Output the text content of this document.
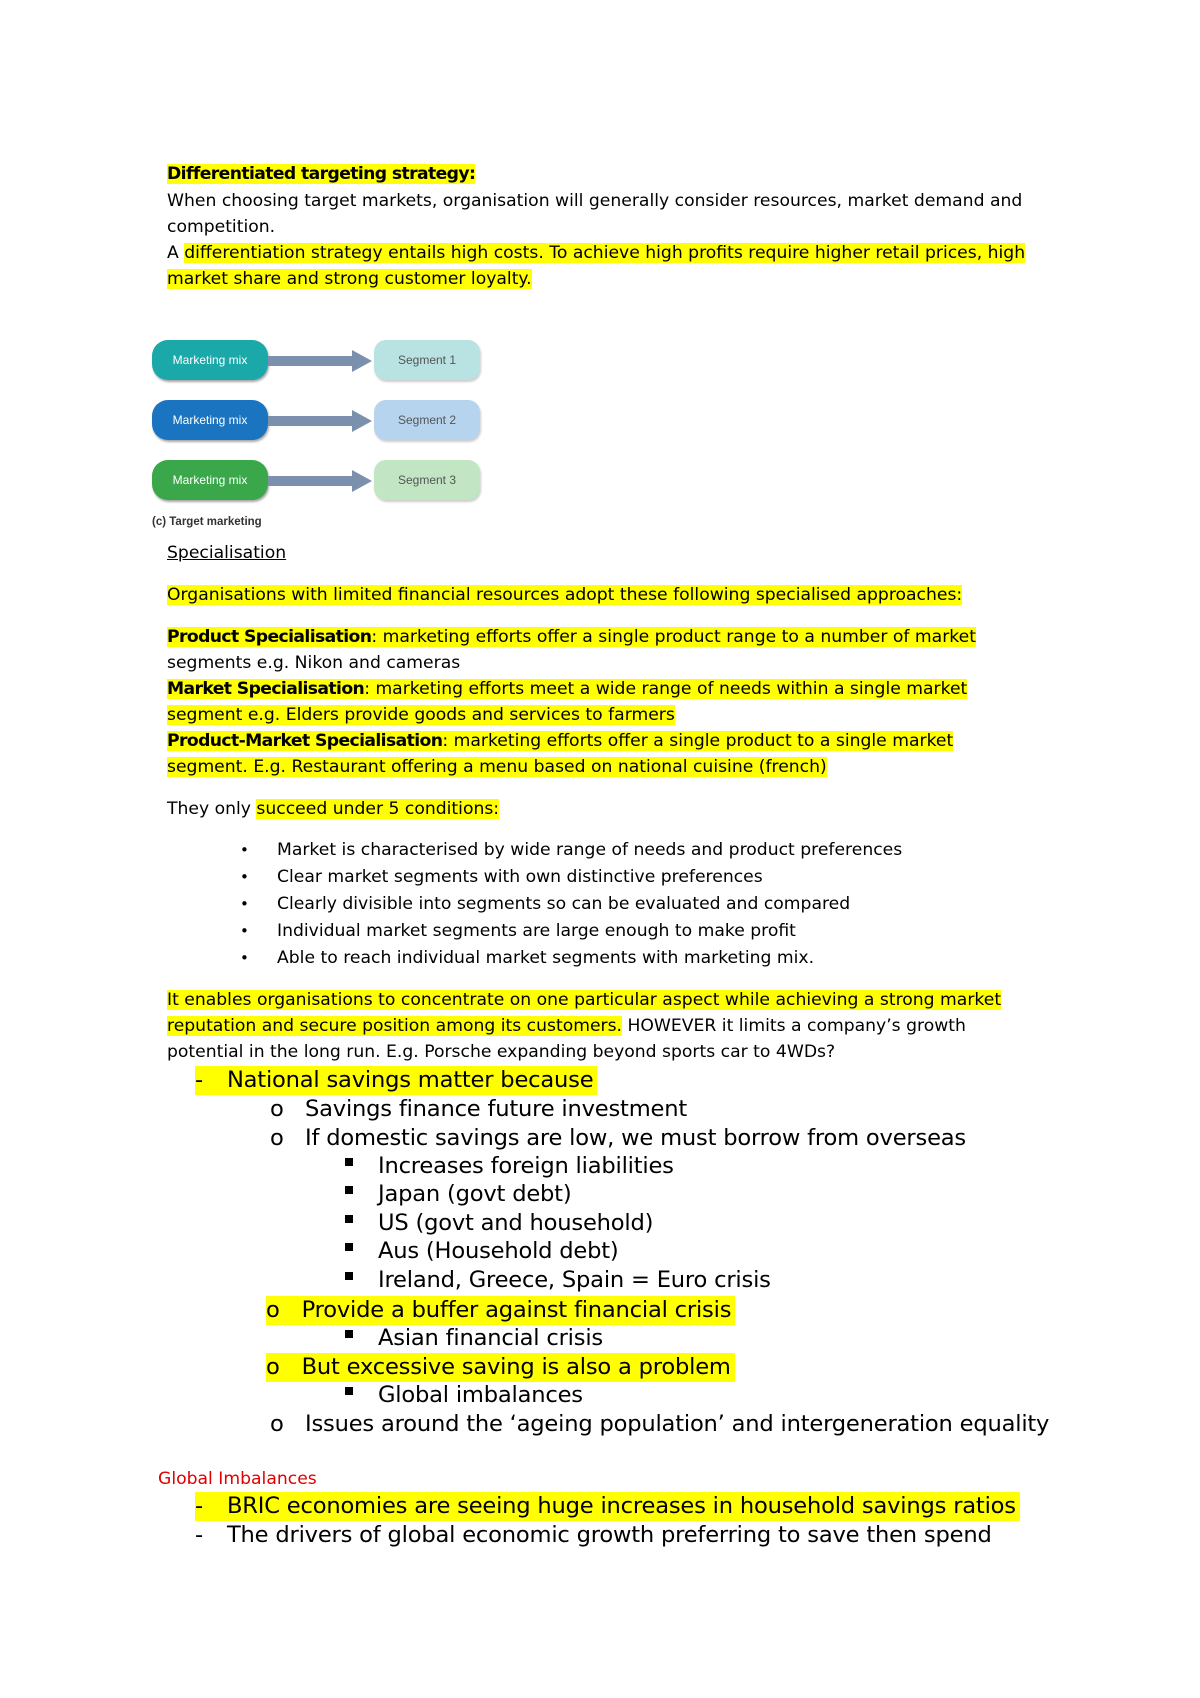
Differentiated targeting strategy:
When choosing target markets, organisation will generally consider resources, market demand and
competition.
A differentiation strategy entails high costs. To achieve high profits require higher retail prices, high
market share and strong customer loyalty.
Marketing mix	Segment 1
Marketing mix	Segment 2
Marketing mix	Segment 3
(c) Target marketing
Specialisation
Organisations with limited financial resources adopt these following specialised approaches:
Product Specialisation: marketing efforts offer a single product range to a number of market
segments e.g. Nikon and cameras
Market Specialisation: marketing efforts meet a wide range of needs within a single market
segment e.g. Elders provide goods and services to farmers
Product-Market Specialisation: marketing efforts offer a single product to a single market
segment. E.g. Restaurant offering a menu based on national cuisine (french)
They only succeed under 5 conditions:
• Market is characterised by wide range of needs and product preferences
• Clear market segments with own distinctive preferences
• Clearly divisible into segments so can be evaluated and compared
• Individual market segments are large enough to make profit
• Able to reach individual market segments with marketing mix.
It enables organisations to concentrate on one particular aspect while achieving a strong market
reputation and secure position among its customers. HOWEVER it limits a company’s growth
potential in the long run. E.g. Porsche expanding beyond sports car to 4WDs?
- National savings matter because
o Savings finance future investment
o If domestic savings are low, we must borrow from overseas
Increases foreign liabilities
Japan (govt debt)
US (govt and household)
Aus (Household debt)
Ireland, Greece, Spain = Euro crisis
o Provide a buffer against financial crisis
Asian financial crisis
o But excessive saving is also a problem
Global imbalances
o Issues around the ‘ageing population’ and intergeneration equality
Global Imbalances
- BRIC economies are seeing huge increases in household savings ratios
- The drivers of global economic growth preferring to save then spend
